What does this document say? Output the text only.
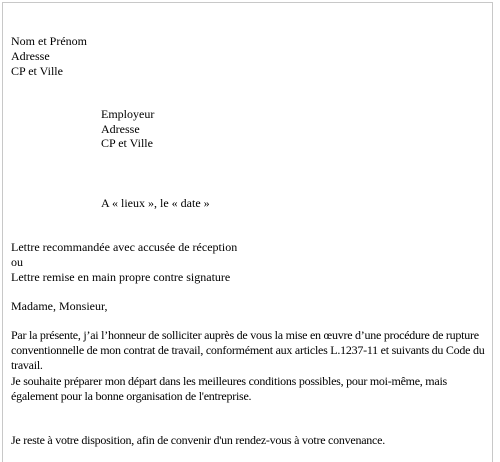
Nom et Prénom
Adresse
CP et Ville
Employeur
Adresse
CP et Ville
A « lieux », le « date »
Lettre recommandée avec accusée de réception
ou
Lettre remise en main propre contre signature
Madame, Monsieur,
Par la présente, j’ai l’honneur de solliciter auprès de vous la mise en œuvre d’une procédure de rupture conventionnelle de mon contrat de travail, conformément aux articles L.1237-11 et suivants du Code du travail.
Je souhaite préparer mon départ dans les meilleures conditions possibles, pour moi-même, mais également pour la bonne organisation de l'entreprise.
Je reste à votre disposition, afin de convenir d'un rendez-vous à votre convenance.
